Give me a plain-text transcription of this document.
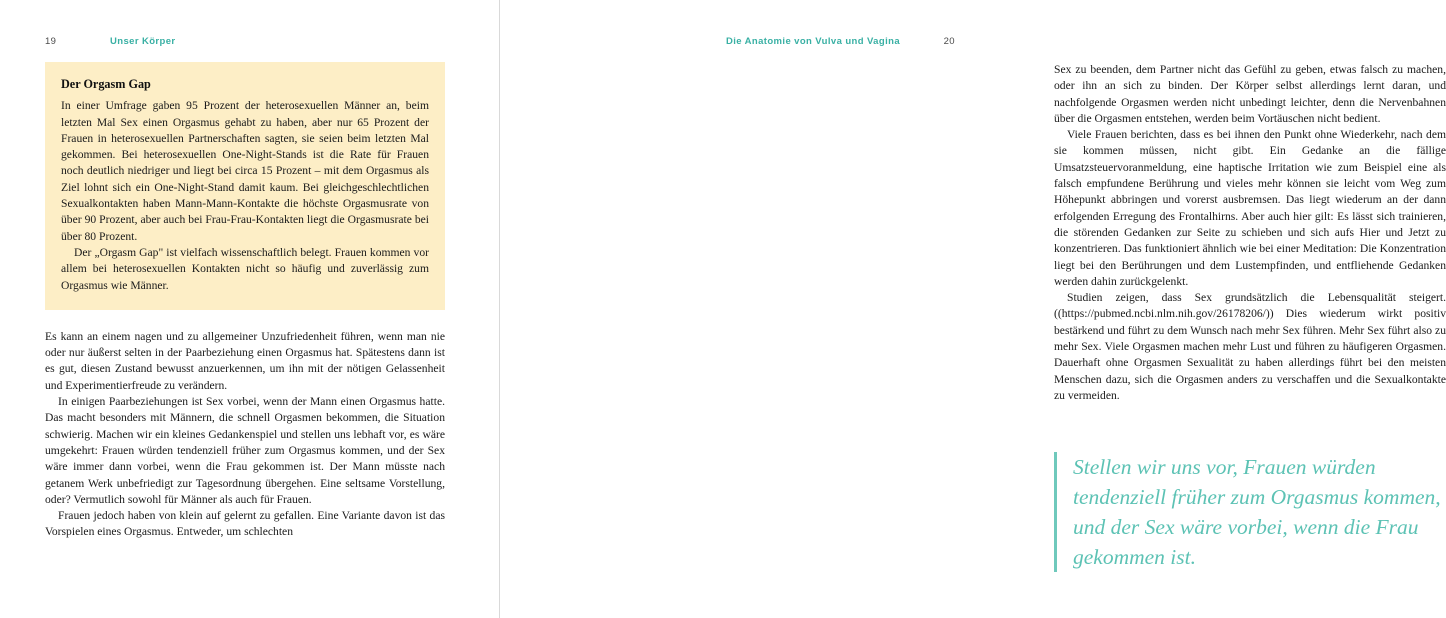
19	Unser Körper

Der Orgasm Gap

In einer Umfrage gaben 95 Prozent der heterosexuellen Männer an, beim letzten Mal Sex einen Orgasmus gehabt zu haben, aber nur 65 Prozent der Frauen in heterosexuellen Partnerschaften sagten, sie seien beim letzten Mal gekommen. Bei heterosexuellen One-Night-Stands ist die Rate für Frauen noch deutlich niedriger und liegt bei circa 15 Prozent – mit dem Orgasmus als Ziel lohnt sich ein One-Night-Stand damit kaum. Bei gleichgeschlechtlichen Sexualkontakten haben Mann-Mann-Kontakte die höchste Orgasmusrate von über 90 Prozent, aber auch bei Frau-Frau-Kontakten liegt die Orgasmusrate bei über 80 Prozent.

Der „Orgasm Gap" ist vielfach wissenschaftlich belegt. Frauen kommen vor allem bei heterosexuellen Kontakten nicht so häufig und zuverlässig zum Orgasmus wie Männer.

Es kann an einem nagen und zu allgemeiner Unzufriedenheit führen, wenn man nie oder nur äußerst selten in der Paarbeziehung einen Orgasmus hat. Spätestens dann ist es gut, diesen Zustand bewusst anzuerkennen, um ihn mit der nötigen Gelassenheit und Experimentierfreude zu verändern.

In einigen Paarbeziehungen ist Sex vorbei, wenn der Mann einen Orgasmus hatte. Das macht besonders mit Männern, die schnell Orgasmen bekommen, die Situation schwierig. Machen wir ein kleines Gedankenspiel und stellen uns lebhaft vor, es wäre umgekehrt: Frauen würden tendenziell früher zum Orgasmus kommen, und der Sex wäre immer dann vorbei, wenn die Frau gekommen ist. Der Mann müsste nach getanem Werk unbefriedigt zur Tagesordnung übergehen. Eine seltsame Vorstellung, oder? Vermutlich sowohl für Männer als auch für Frauen.

Frauen jedoch haben von klein auf gelernt zu gefallen. Eine Variante davon ist das Vorspielen eines Orgasmus. Entweder, um schlechten

Die Anatomie von Vulva und Vagina	20

Sex zu beenden, dem Partner nicht das Gefühl zu geben, etwas falsch zu machen, oder ihn an sich zu binden. Der Körper selbst allerdings lernt daran, und nachfolgende Orgasmen werden nicht unbedingt leichter, denn die Nervenbahnen über die Orgasmen entstehen, werden beim Vortäuschen nicht bedient.

Viele Frauen berichten, dass es bei ihnen den Punkt ohne Wiederkehr, nach dem sie kommen müssen, nicht gibt. Ein Gedanke an die fällige Umsatzsteuervoranmeldung, eine haptische Irritation wie zum Beispiel eine als falsch empfundene Berührung und vieles mehr können sie leicht vom Weg zum Höhepunkt abbringen und vorerst ausbremsen. Das liegt wiederum an der dann erfolgenden Erregung des Frontalhirns. Aber auch hier gilt: Es lässt sich trainieren, die störenden Gedanken zur Seite zu schieben und sich aufs Hier und Jetzt zu konzentrieren. Das funktioniert ähnlich wie bei einer Meditation: Die Konzentration liegt bei den Berührungen und dem Lustempfinden, und entfliehende Gedanken werden dahin zurückgelenkt.

Studien zeigen, dass Sex grundsätzlich die Lebensqualität steigert. ((https://pubmed.ncbi.nlm.nih.gov/26178206/)) Dies wiederum wirkt positiv bestärkend und führt zu dem Wunsch nach mehr Sex führen. Mehr Sex führt also zu mehr Sex. Viele Orgasmen machen mehr Lust und führen zu häufigeren Orgasmen. Dauerhaft ohne Orgasmen Sexualität zu haben allerdings führt bei den meisten Menschen dazu, sich die Orgasmen anders zu verschaffen und die Sexualkontakte zu vermeiden.

Stellen wir uns vor, Frauen würden tendenziell früher zum Orgasmus kommen, und der Sex wäre vorbei, wenn die Frau gekommen ist.
